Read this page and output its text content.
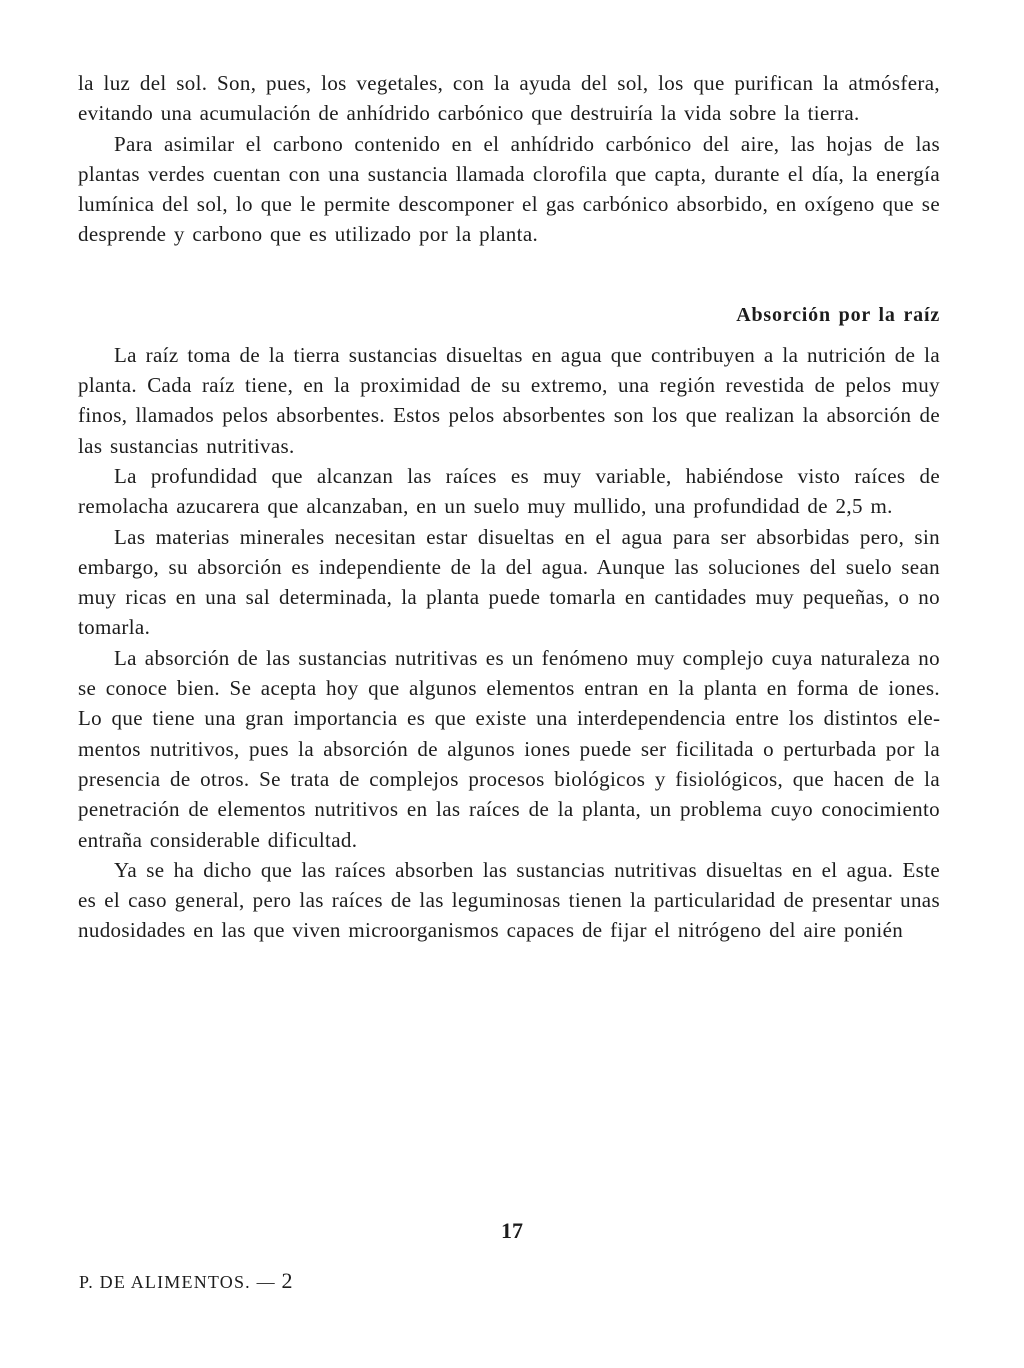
la luz del sol. Son, pues, los vegetales, con la ayuda del sol, los que purifican la atmósfera, evitando una acumulación de anhídrido carbónico que destruiría la vida sobre la tierra.

Para asimilar el carbono contenido en el anhídrido carbónico del aire, las hojas de las plantas verdes cuentan con una sustancia llamada clorofila que capta, durante el día, la energía lumínica del sol, lo que le permite descomponer el gas carbónico absorbido, en oxígeno que se desprende y carbono que es utilizado por la planta.

Absorción por la raíz

La raíz toma de la tierra sustancias disueltas en agua que contribuyen a la nutrición de la planta. Cada raíz tiene, en la proximidad de su extremo, una región revestida de pelos muy finos, llamados pelos absorbentes. Estos pelos absorbentes son los que realizan la absorción de las sustancias nutritivas.

La profundidad que alcanzan las raíces es muy variable, habiéndose visto raíces de remolacha azucarera que alcanzaban, en un suelo muy mullido, una profundidad de 2,5 m.

Las materias minerales necesitan estar disueltas en el agua para ser absorbidas pero, sin embargo, su absorción es independiente de la del agua. Aunque las soluciones del suelo sean muy ricas en una sal determinada, la planta puede tomarla en cantidades muy pequeñas, o no tomarla.

La absorción de las sustancias nutritivas es un fenómeno muy complejo cuya naturaleza no se conoce bien. Se acepta hoy que algunos elementos entran en la planta en forma de iones. Lo que tiene una gran importancia es que existe una interdependencia entre los distintos elementos nutritivos, pues la absorción de algunos iones puede ser ficilitada o perturbada por la presencia de otros. Se trata de complejos procesos biológicos y fisiológicos, que hacen de la penetración de elementos nutritivos en las raíces de la planta, un problema cuyo conocimiento entraña considerable dificultad.

Ya se ha dicho que las raíces absorben las sustancias nutritivas disueltas en el agua. Este es el caso general, pero las raíces de las leguminosas tienen la particularidad de presentar unas nudosidades en las que viven microorganismos capaces de fijar el nitrógeno del aire ponién

17
P. DE ALIMENTOS. — 2
